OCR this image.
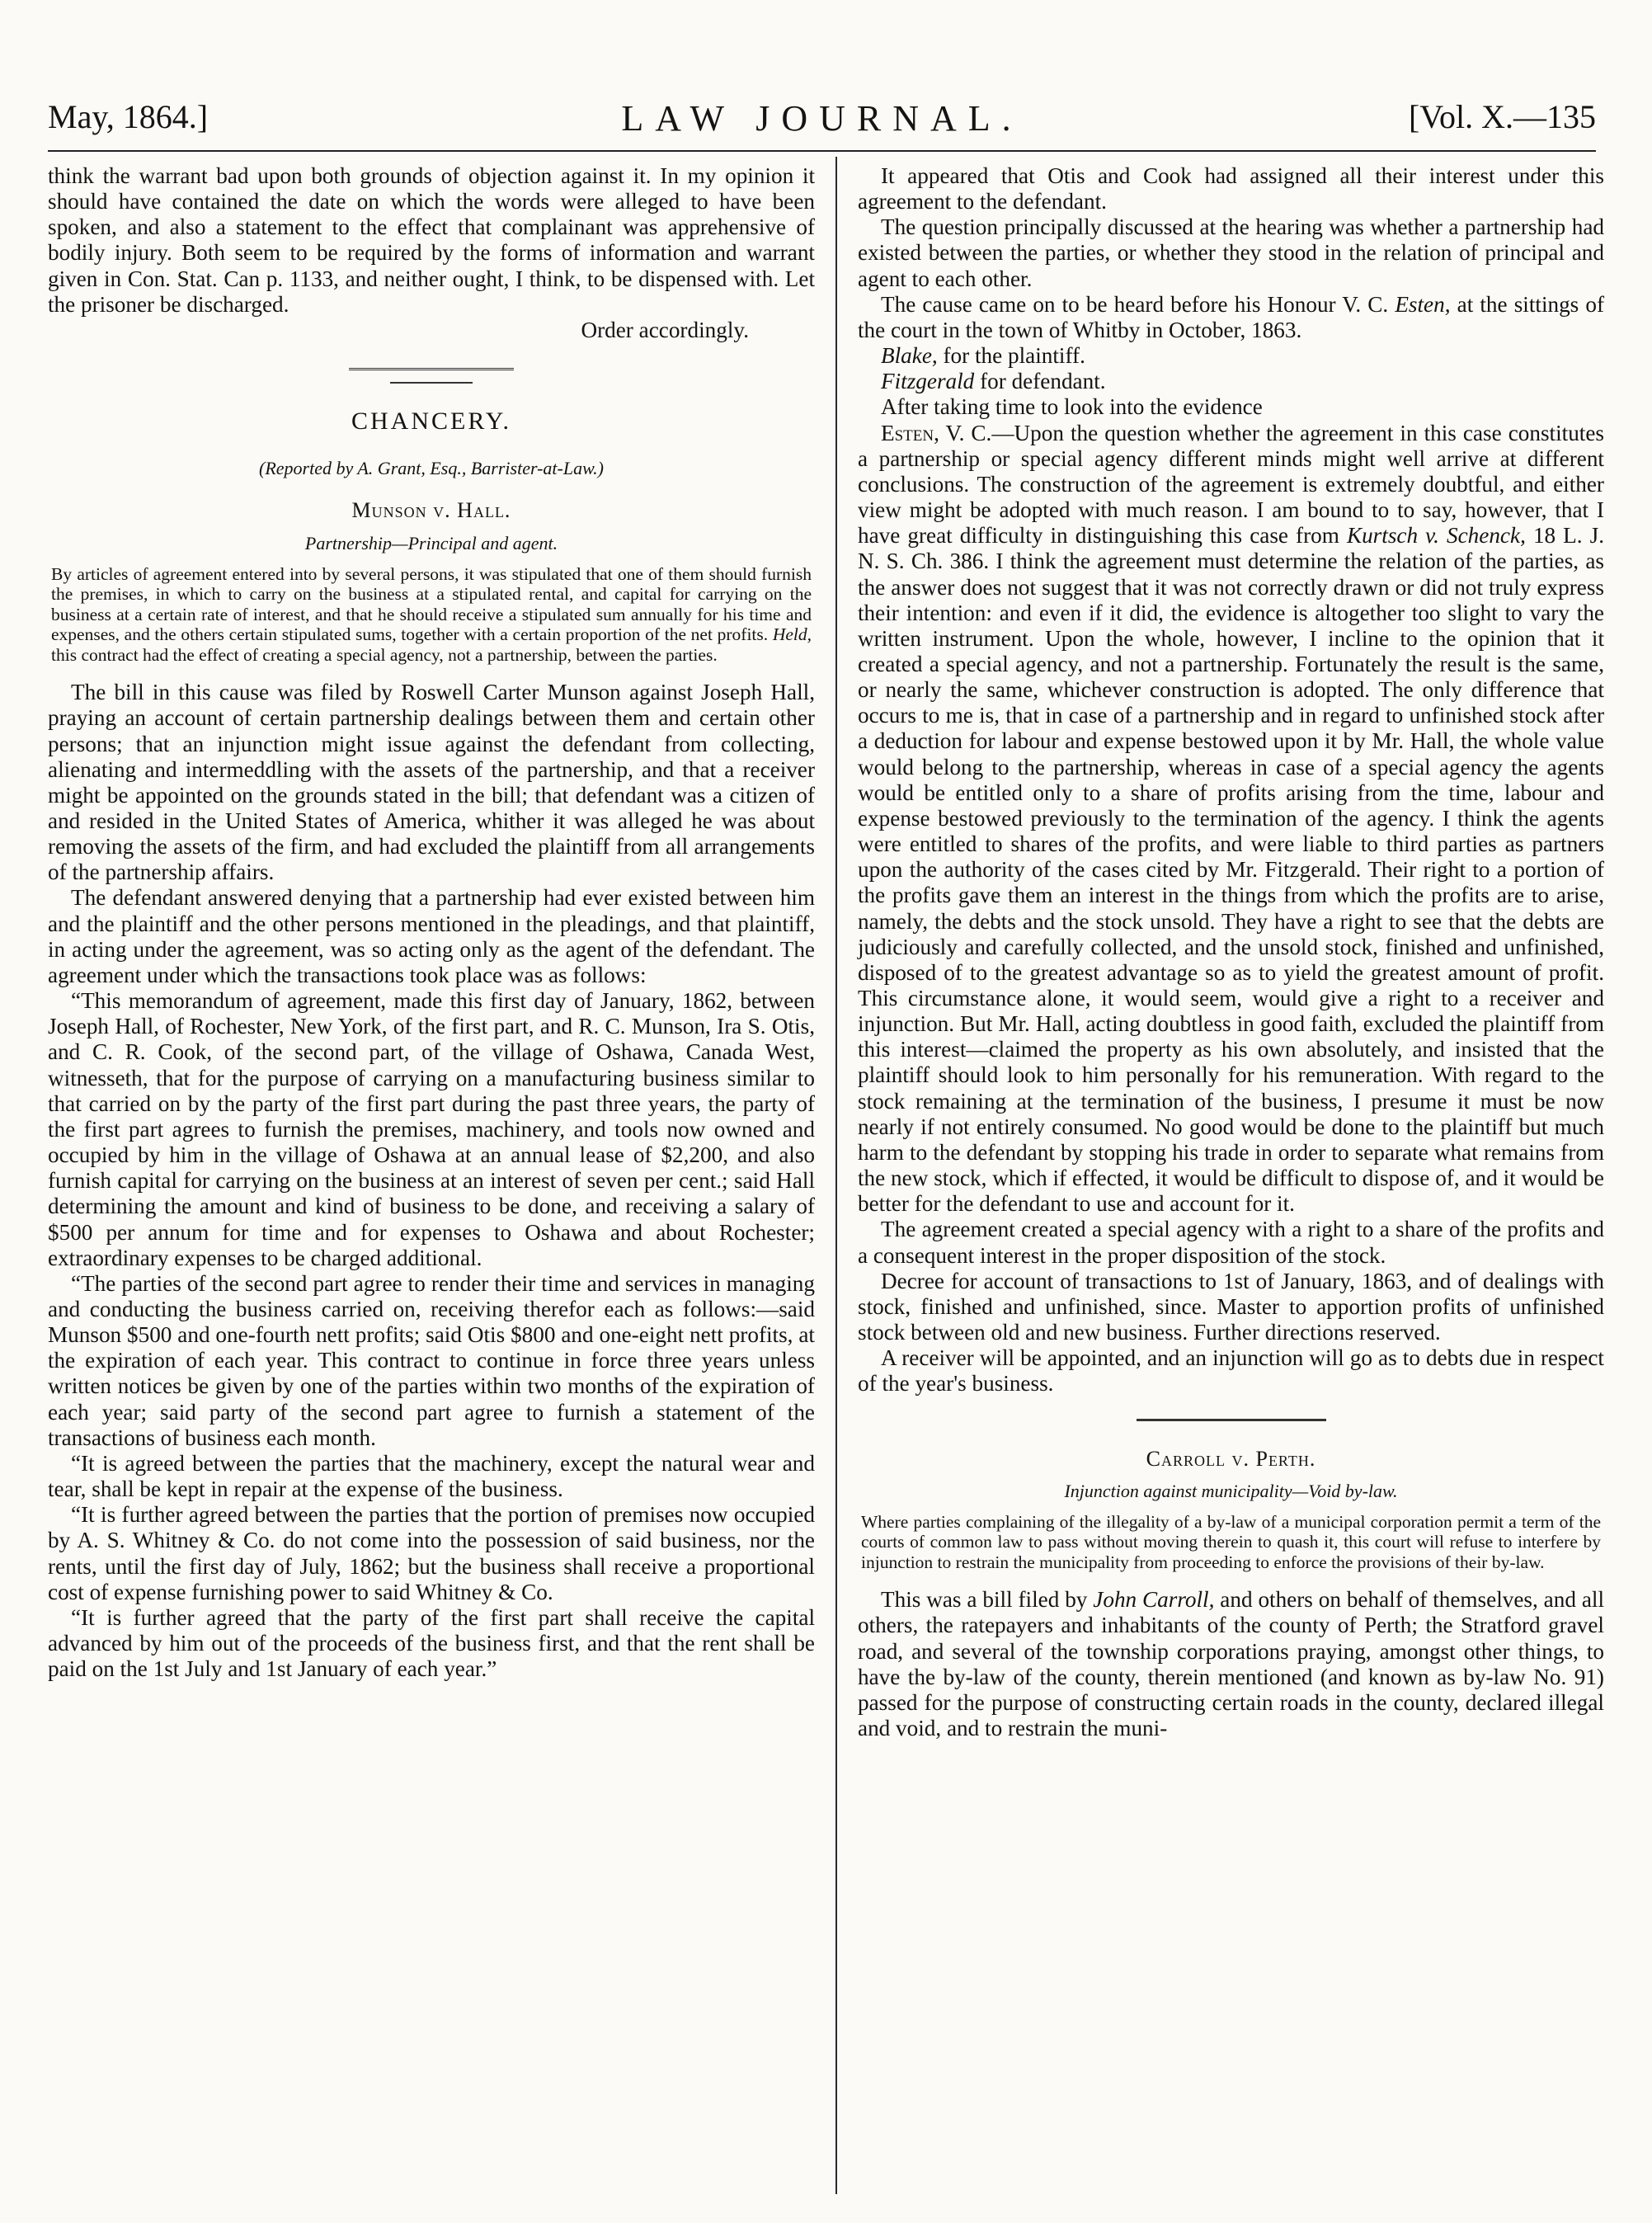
May, 1864.]	LAW JOURNAL.	[Vol. X.—135

think the warrant bad upon both grounds of objection against it. In my opinion it should have contained the date on which the words were alleged to have been spoken, and also a statement to the effect that complainant was apprehensive of bodily injury. Both seem to be required by the forms of information and warrant given in Con. Stat. Can p. 1133, and neither ought, I think, to be dispensed with. Let the prisoner be discharged.

Order accordingly.

CHANCERY.
(Reported by A. Grant, Esq., Barrister-at-Law.)
Munson v. Hall.
Partnership—Principal and agent.

By articles of agreement entered into by several persons, it was stipulated that one of them should furnish the premises, in which to carry on the business at a stipulated rental, and capital for carrying on the business at a certain rate of interest, and that he should receive a stipulated sum annually for his time and expenses, and the others certain stipulated sums, together with a certain proportion of the net profits. Held, this contract had the effect of creating a special agency, not a partnership, between the parties.

The bill in this cause was filed by Roswell Carter Munson against Joseph Hall, praying an account of certain partnership dealings between them and certain other persons; that an injunction might issue against the defendant from collecting, alienating and intermeddling with the assets of the partnership, and that a receiver might be appointed on the grounds stated in the bill; that defendant was a citizen of and resided in the United States of America, whither it was alleged he was about removing the assets of the firm, and had excluded the plaintiff from all arrangements of the partnership affairs.

The defendant answered denying that a partnership had ever existed between him and the plaintiff and the other persons mentioned in the pleadings, and that plaintiff, in acting under the agreement, was so acting only as the agent of the defendant. The agreement under which the transactions took place was as follows:

“This memorandum of agreement, made this first day of January, 1862, between Joseph Hall, of Rochester, New York, of the first part, and R. C. Munson, Ira S. Otis, and C. R. Cook, of the second part, of the village of Oshawa, Canada West, witnesseth, that for the purpose of carrying on a manufacturing business similar to that carried on by the party of the first part during the past three years, the party of the first part agrees to furnish the premises, machinery, and tools now owned and occupied by him in the village of Oshawa at an annual lease of $2,200, and also furnish capital for carrying on the business at an interest of seven per cent.; said Hall determining the amount and kind of business to be done, and receiving a salary of $500 per annum for time and for expenses to Oshawa and about Rochester; extraordinary expenses to be charged additional.

“The parties of the second part agree to render their time and services in managing and conducting the business carried on, receiving therefor each as follows:—said Munson $500 and one-fourth nett profits; said Otis $800 and one-eight nett profits, at the expiration of each year. This contract to continue in force three years unless written notices be given by one of the parties within two months of the expiration of each year; said party of the second part agree to furnish a statement of the transactions of business each month.

“It is agreed between the parties that the machinery, except the natural wear and tear, shall be kept in repair at the expense of the business.

“It is further agreed between the parties that the portion of premises now occupied by A. S. Whitney & Co. do not come into the possession of said business, nor the rents, until the first day of July, 1862; but the business shall receive a proportional cost of expense furnishing power to said Whitney & Co.

“It is further agreed that the party of the first part shall receive the capital advanced by him out of the proceeds of the business first, and that the rent shall be paid on the 1st July and 1st January of each year.”

It appeared that Otis and Cook had assigned all their interest under this agreement to the defendant.

The question principally discussed at the hearing was whether a partnership had existed between the parties, or whether they stood in the relation of principal and agent to each other.

The cause came on to be heard before his Honour V. C. Esten, at the sittings of the court in the town of Whitby in October, 1863.

Blake, for the plaintiff.

Fitzgerald for defendant.

After taking time to look into the evidence

Esten, V. C.—Upon the question whether the agreement in this case constitutes a partnership or special agency different minds might well arrive at different conclusions. The construction of the agreement is extremely doubtful, and either view might be adopted with much reason. I am bound to to say, however, that I have great difficulty in distinguishing this case from Kurtsch v. Schenck, 18 L. J. N. S. Ch. 386. I think the agreement must determine the relation of the parties, as the answer does not suggest that it was not correctly drawn or did not truly express their intention: and even if it did, the evidence is altogether too slight to vary the written instrument. Upon the whole, however, I incline to the opinion that it created a special agency, and not a partnership. Fortunately the result is the same, or nearly the same, whichever construction is adopted. The only difference that occurs to me is, that in case of a partnership and in regard to unfinished stock after a deduction for labour and expense bestowed upon it by Mr. Hall, the whole value would belong to the partnership, whereas in case of a special agency the agents would be entitled only to a share of profits arising from the time, labour and expense bestowed previously to the termination of the agency. I think the agents were entitled to shares of the profits, and were liable to third parties as partners upon the authority of the cases cited by Mr. Fitzgerald. Their right to a portion of the profits gave them an interest in the things from which the profits are to arise, namely, the debts and the stock unsold. They have a right to see that the debts are judiciously and carefully collected, and the unsold stock, finished and unfinished, disposed of to the greatest advantage so as to yield the greatest amount of profit. This circumstance alone, it would seem, would give a right to a receiver and injunction. But Mr. Hall, acting doubtless in good faith, excluded the plaintiff from this interest—claimed the property as his own absolutely, and insisted that the plaintiff should look to him personally for his remuneration. With regard to the stock remaining at the termination of the business, I presume it must be now nearly if not entirely consumed. No good would be done to the plaintiff but much harm to the defendant by stopping his trade in order to separate what remains from the new stock, which if effected, it would be difficult to dispose of, and it would be better for the defendant to use and account for it.

The agreement created a special agency with a right to a share of the profits and a consequent interest in the proper disposition of the stock.

Decree for account of transactions to 1st of January, 1863, and of dealings with stock, finished and unfinished, since. Master to apportion profits of unfinished stock between old and new business. Further directions reserved.

A receiver will be appointed, and an injunction will go as to debts due in respect of the year's business.

Carroll v. Perth.
Injunction against municipality—Void by-law.

Where parties complaining of the illegality of a by-law of a municipal corporation permit a term of the courts of common law to pass without moving therein to quash it, this court will refuse to interfere by injunction to restrain the municipality from proceeding to enforce the provisions of their by-law.

This was a bill filed by John Carroll, and others on behalf of themselves, and all others, the ratepayers and inhabitants of the county of Perth; the Stratford gravel road, and several of the township corporations praying, amongst other things, to have the by-law of the county, therein mentioned (and known as by-law No. 91) passed for the purpose of constructing certain roads in the county, declared illegal and void, and to restrain the muni-
